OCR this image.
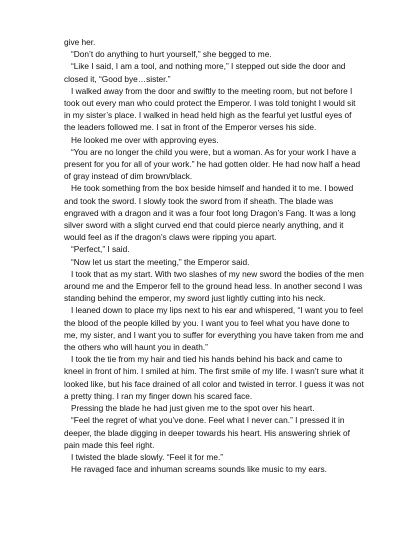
give her.

“Don’t do anything to hurt yourself,” she begged to me.

“Like I said, I am a tool, and nothing more,” I stepped out side the door and closed it, “Good bye…sister.”

I walked away from the door and swiftly to the meeting room, but not before I took out every man who could protect the Emperor. I was told tonight I would sit in my sister’s place. I walked in head held high as the fearful yet lustful eyes of the leaders followed me. I sat in front of the Emperor verses his side.

He looked me over with approving eyes.

“You are no longer the child you were, but a woman. As for your work I have a present for you for all of your work.” he had gotten older. He had now half a head of gray instead of dim brown/black.

He took something from the box beside himself and handed it to me. I bowed and took the sword. I slowly took the sword from if sheath. The blade was engraved with a dragon and it was a four foot long Dragon’s Fang. It was a long silver sword with a slight curved end that could pierce nearly anything, and it would feel as if the dragon’s claws were ripping you apart.

“Perfect,” I said.

“Now let us start the meeting,” the Emperor said.

I took that as my start. With two slashes of my new sword the bodies of the men around me and the Emperor fell to the ground head less. In another second I was standing behind the emperor, my sword just lightly cutting into his neck.

I leaned down to place my lips next to his ear and whispered, “I want you to feel the blood of the people killed by you. I want you to feel what you have done to me, my sister, and I want you to suffer for everything you have taken from me and the others who will haunt you in death.”

I took the tie from my hair and tied his hands behind his back and came to kneel in front of him. I smiled at him. The first smile of my life. I wasn’t sure what it looked like, but his face drained of all color and twisted in terror. I guess it was not a pretty thing. I ran my finger down his scared face.

Pressing the blade he had just given me to the spot over his heart.

“Feel the regret of what you’ve done. Feel what I never can.” I pressed it in deeper, the blade digging in deeper towards his heart. His answering shriek of pain made this feel right.

I twisted the blade slowly. “Feel it for me.”

He ravaged face and inhuman screams sounds like music to my ears.
